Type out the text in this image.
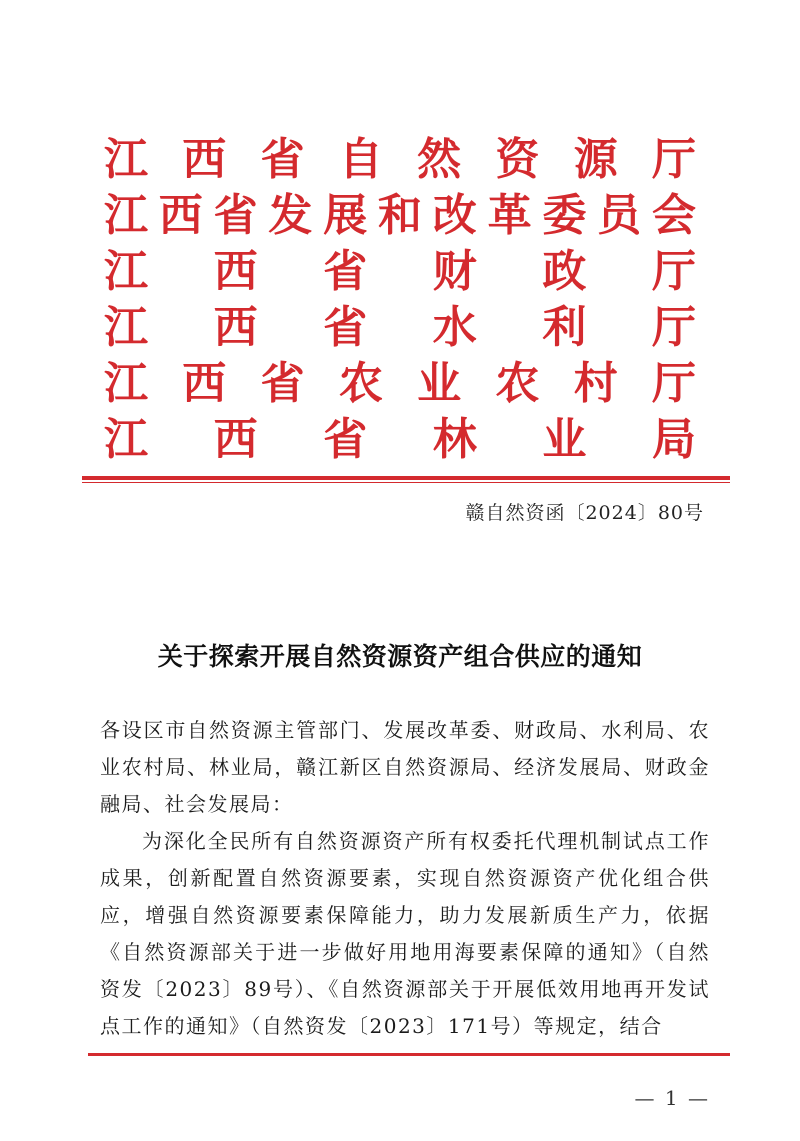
江 西 省 自 然 资 源 厅
江 西 省 发 展 和 改 革 委 员 会
江 西 省 财 政 厅
江 西 省 水 利 厅
江 西 省 农 业 农 村 厅
江 西 省 林 业 局
赣自然资函〔2024〕80号
关于探索开展自然资源资产组合供应的通知

各设区市自然资源主管部门、发展改革委、财政局、水利局、农业农村局、林业局，赣江新区自然资源局、经济发展局、财政金融局、社会发展局：

为深化全民所有自然资源资产所有权委托代理机制试点工作成果，创新配置自然资源要素，实现自然资源资产优化组合供应，增强自然资源要素保障能力，助力发展新质生产力，依据《自然资源部关于进一步做好用地用海要素保障的通知》（自然资发〔2023〕89号）、《自然资源部关于开展低效用地再开发试点工作的通知》（自然资发〔2023〕171号）等规定，结合

— 1 —
